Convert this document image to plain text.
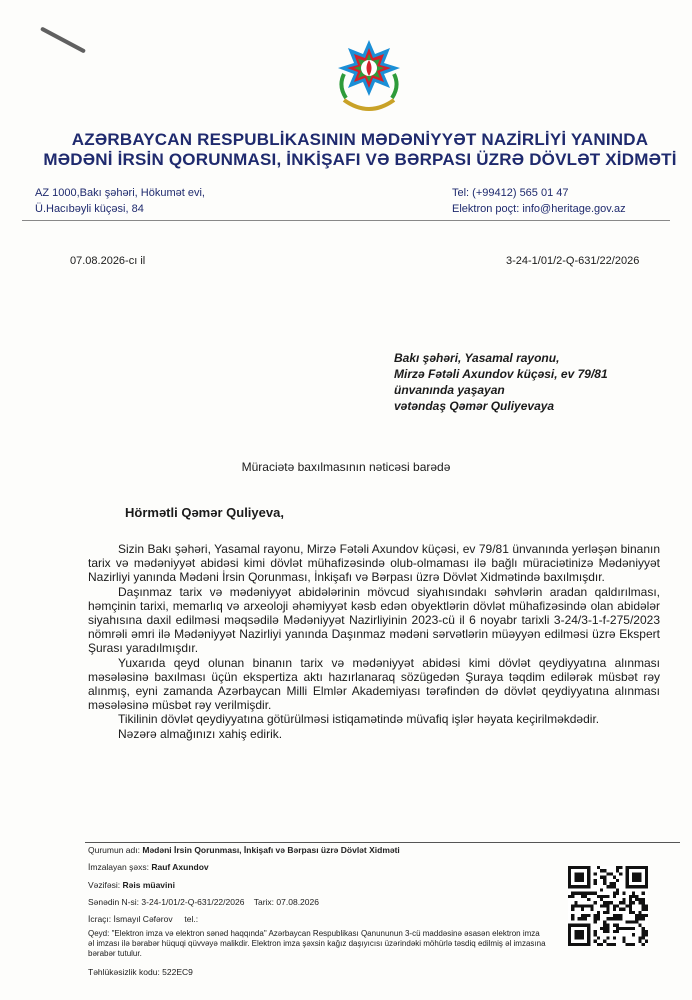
AZƏRBAYCAN RESPUBLİKASININ MƏDƏNİYYƏT NAZİRLİYİ YANINDA
MƏDƏNİ İRSİN QORUNMASI, İNKİŞAFI VƏ BƏRPASI ÜZRƏ DÖVLƏT XİDMƏTİ
AZ 1000,Bakı şəhəri, Hökumət evi,
Ü.Hacıbəyli küçəsi, 84
Tel: (+99412) 565 01 47
Elektron poçt: info@heritage.gov.az
07.08.2026-cı il	3-24-1/01/2-Q-631/22/2026
Bakı şəhəri, Yasamal rayonu,
Mirzə Fətəli Axundov küçəsi, ev 79/81
ünvanında yaşayan
vətəndaş Qəmər Quliyevaya
Müraciətə baxılmasının nəticəsi barədə
Hörmətli Qəmər Quliyeva,

Sizin Bakı şəhəri, Yasamal rayonu, Mirzə Fətəli Axundov küçəsi, ev 79/81 ünvanında yerləşən binanın tarix və mədəniyyət abidəsi kimi dövlət mühafizəsində olub-olmaması ilə bağlı müraciətinizə Mədəniyyət Nazirliyi yanında Mədəni İrsin Qorunması, İnkişafı və Bərpası üzrə Dövlət Xidmətində baxılmışdır.

Daşınmaz tarix və mədəniyyət abidələrinin mövcud siyahısındakı səhvlərin aradan qaldırılması, həmçinin tarixi, memarlıq və arxeoloji əhəmiyyət kəsb edən obyektlərin dövlət mühafizəsində olan abidələr siyahısına daxil edilməsi məqsədilə Mədəniyyət Nazirliyinin 2023-cü il 6 noyabr tarixli 3-24/3-1-f-275/2023 nömrəli əmri ilə Mədəniyyət Nazirliyi yanında Daşınmaz mədəni sərvətlərin müəyyən edilməsi üzrə Ekspert Şurası yaradılmışdır.

Yuxarıda qeyd olunan binanın tarix və mədəniyyət abidəsi kimi dövlət qeydiyyatına alınması məsələsinə baxılması üçün ekspertiza aktı hazırlanaraq sözügedən Şuraya təqdim edilərək müsbət rəy alınmış, eyni zamanda Azərbaycan Milli Elmlər Akademiyası tərəfindən də dövlət qeydiyyatına alınması məsələsinə müsbət rəy verilmişdir.

Tikilinin dövlət qeydiyyatına götürülməsi istiqamətində müvafiq işlər həyata keçirilməkdədir.

Nəzərə almağınızı xahiş edirik.

Qurumun adı: Mədəni İrsin Qorunması, İnkişafı və Bərpası üzrə Dövlət Xidməti
İmzalayan şəxs: Rauf Axundov
Vəzifəsi: Rəis müavini
Sənədin N-si: 3-24-1/01/2-Q-631/22/2026 Tarix: 07.08.2026
İcraçı: İsmayıl Cəfərov tel.:
Qeyd: "Elektron imza və elektron sənəd haqqında" Azərbaycan Respublikası Qanununun 3-cü maddəsinə əsasən elektron imza əl imzası ilə bərabər hüquqi qüvvəyə malikdir. Elektron imza şəxsin kağız daşıyıcısı üzərindəki möhürlə təsdiq edilmiş əl imzasına bərabər tutulur.
Təhlükəsizlik kodu: 522EC9
